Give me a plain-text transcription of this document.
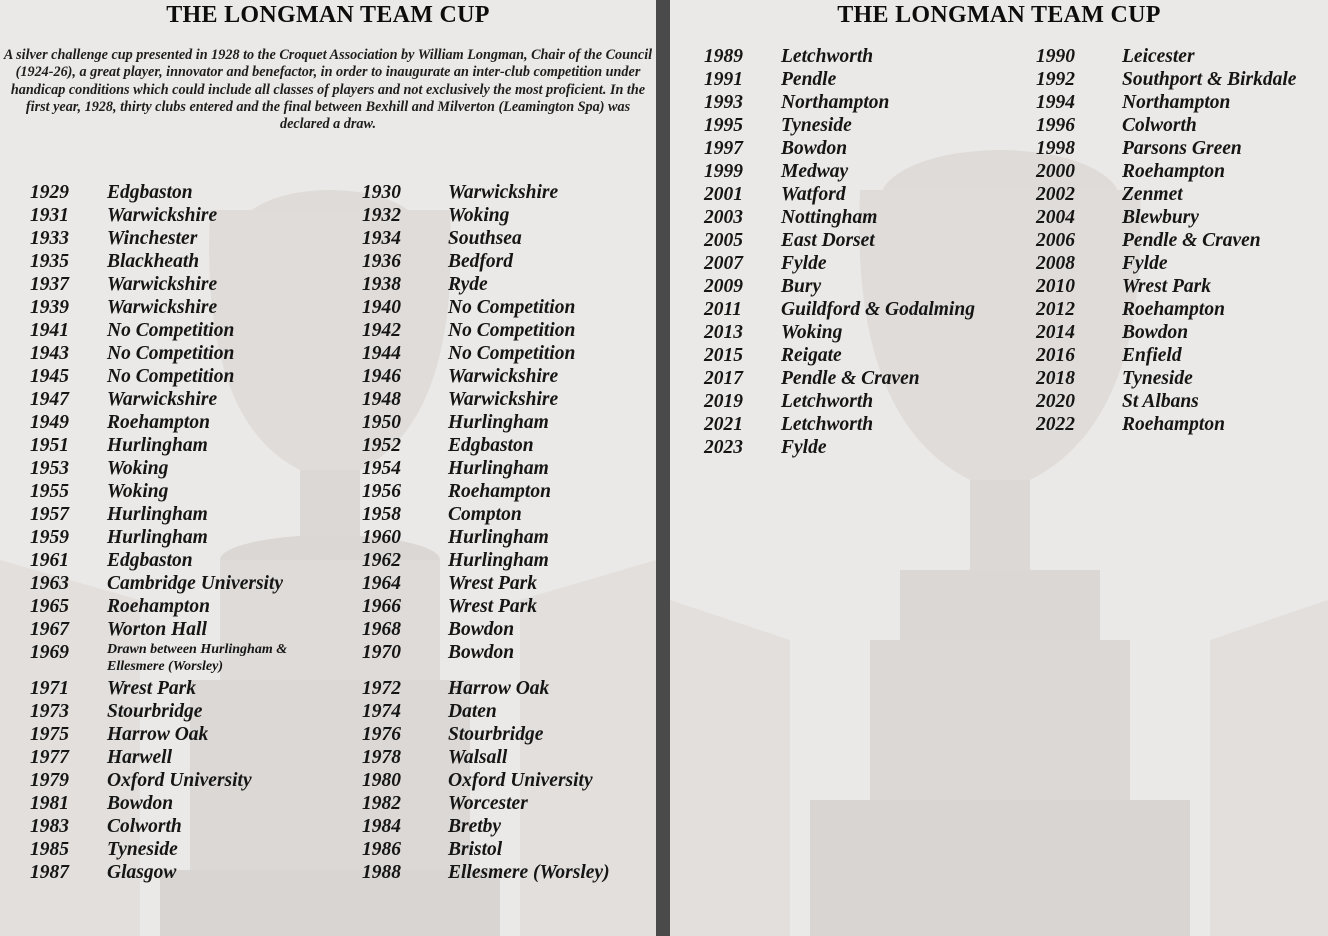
THE LONGMAN TEAM CUP
A silver challenge cup presented in 1928 to the Croquet Association by William Longman, Chair of the Council (1924-26), a great player, innovator and benefactor, in order to inaugurate an inter-club competition under handicap conditions which could include all classes of players and not exclusively the most proficient. In the first year, 1928, thirty clubs entered and the final between Bexhill and Milverton (Leamington Spa) was declared a draw.
1929 Edgbaston
1931 Warwickshire
1933 Winchester
1935 Blackheath
1937 Warwickshire
1939 Warwickshire
1941 No Competition
1943 No Competition
1945 No Competition
1947 Warwickshire
1949 Roehampton
1951 Hurlingham
1953 Woking
1955 Woking
1957 Hurlingham
1959 Hurlingham
1961 Edgbaston
1963 Cambridge University
1965 Roehampton
1967 Worton Hall
1969	Drawn between Hurlingham & Ellesmere (Worsley)
1971 Wrest Park
1973 Stourbridge
1975 Harrow Oak
1977 Harwell
1979 Oxford University
1981 Bowdon
1983 Colworth
1985 Tyneside
1987 Glasgow
1930 Warwickshire
1932 Woking
1934 Southsea
1936 Bedford
1938 Ryde
1940 No Competition
1942 No Competition
1944 No Competition
1946 Warwickshire
1948 Warwickshire
1950 Hurlingham
1952 Edgbaston
1954 Hurlingham
1956 Roehampton
1958 Compton
1960 Hurlingham
1962 Hurlingham
1964 Wrest Park
1966 Wrest Park
1968 Bowdon
1970 Bowdon
1972 Harrow Oak
1974 Daten
1976 Stourbridge
1978 Walsall
1980 Oxford University
1982 Worcester
1984 Bretby
1986 Bristol
1988 Ellesmere (Worsley)
THE LONGMAN TEAM CUP
1989 Letchworth
1991 Pendle
1993 Northampton
1995 Tyneside
1997 Bowdon
1999 Medway
2001 Watford
2003 Nottingham
2005 East Dorset
2007 Fylde
2009 Bury
2011 Guildford & Godalming
2013 Woking
2015 Reigate
2017 Pendle & Craven
2019 Letchworth
2021 Letchworth
2023 Fylde
1990 Leicester
1992 Southport & Birkdale
1994 Northampton
1996 Colworth
1998 Parsons Green
2000 Roehampton
2002 Zenmet
2004 Blewbury
2006 Pendle & Craven
2008 Fylde
2010 Wrest Park
2012 Roehampton
2014 Bowdon
2016 Enfield
2018 Tyneside
2020 St Albans
2022 Roehampton
